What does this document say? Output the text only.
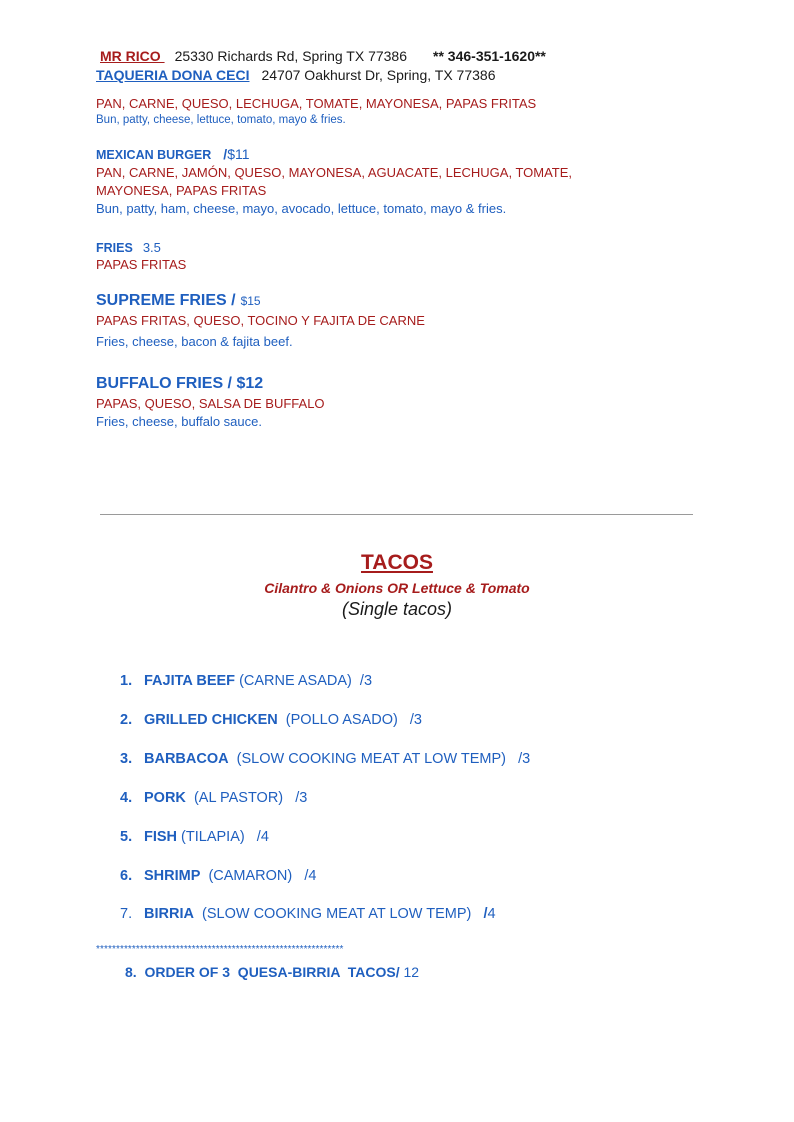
MR RICO 25330 Richards Rd, Spring TX 77386 ** 346-351-1620**
TAQUERIA DONA CECI 24707 Oakhurst Dr, Spring, TX 77386
PAN, CARNE, QUESO, LECHUGA, TOMATE, MAYONESA, PAPAS FRITAS
Bun, patty, cheese, lettuce, tomato, mayo & fries.
MEXICAN BURGER /$11
PAN, CARNE, JAMÓN, QUESO, MAYONESA, AGUACATE, LECHUGA, TOMATE,
MAYONESA, PAPAS FRITAS
Bun, patty, ham, cheese, mayo, avocado, lettuce, tomato, mayo & fries.
FRIES 3.5
PAPAS FRITAS
SUPREME FRIES / $15
PAPAS FRITAS, QUESO, TOCINO Y FAJITA DE CARNE
Fries, cheese, bacon & fajita beef.
BUFFALO FRIES / $12
PAPAS, QUESO, SALSA DE BUFFALO
Fries, cheese, buffalo sauce.
TACOS
Cilantro & Onions OR Lettuce & Tomato
(Single tacos)
1. FAJITA BEEF (CARNE ASADA)  /3
2. GRILLED CHICKEN  (POLLO ASADO)   /3
3. BARBACOA  (SLOW COOKING MEAT AT LOW TEMP)   /3
4. PORK  (AL PASTOR)   /3
5. FISH (TILAPIA)   /4
6. SHRIMP  (CAMARON)   /4
7. BIRRIA  (SLOW COOKING MEAT AT LOW TEMP)   /4
**************************************************************
8.  ORDER OF 3  QUESA-BIRRIA  TACOS/ 12
